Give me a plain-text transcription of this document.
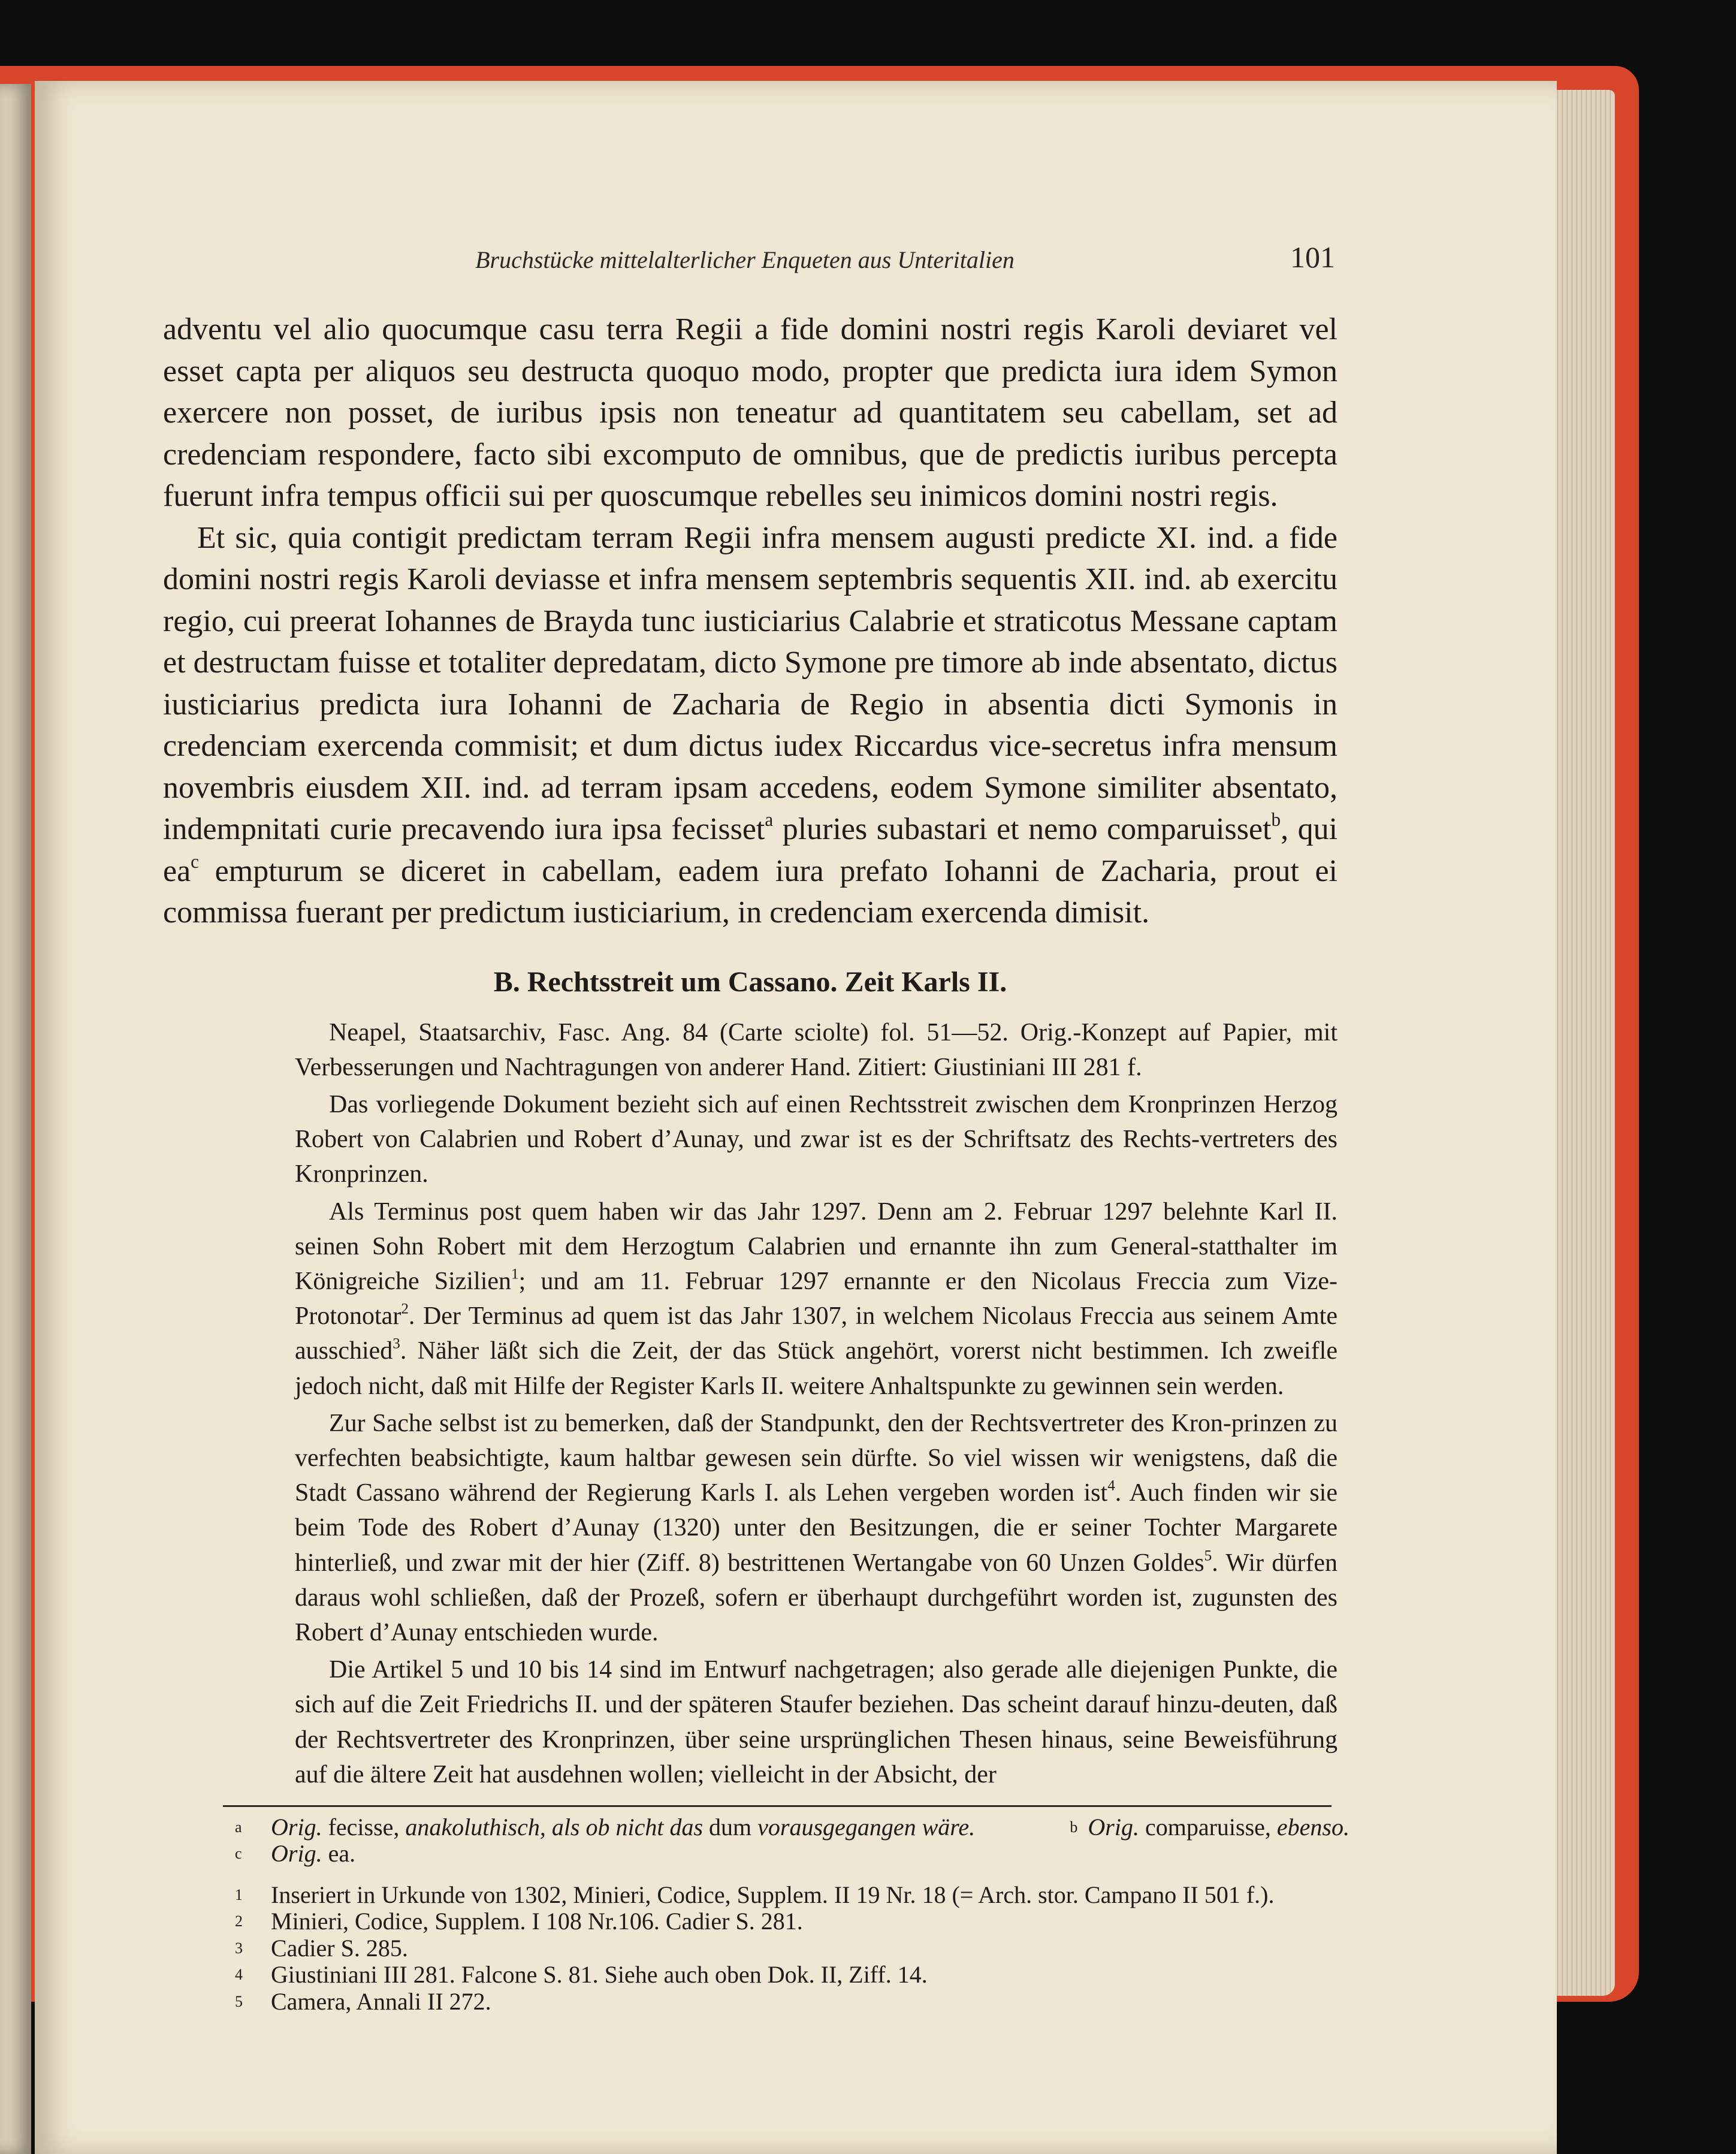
Bruchstücke mittelalterlicher Enqueten aus Unteritalien	101

adventu vel alio quocumque casu terra Regii a fide domini nostri regis Karoli deviaret vel esset capta per aliquos seu destructa quoquo modo, propter que predicta iura idem Symon exercere non posset, de iuribus ipsis non teneatur ad quantitatem seu cabellam, set ad credenciam respondere, facto sibi excomputo de omnibus, que de predictis iuribus percepta fuerunt infra tempus officii sui per quoscumque rebelles seu inimicos domini nostri regis.

Et sic, quia contigit predictam terram Regii infra mensem augusti predicte XI. ind. a fide domini nostri regis Karoli deviasse et infra mensem septembris sequentis XII. ind. ab exercitu regio, cui preerat Iohannes de Brayda tunc iusticiarius Calabrie et straticotus Messane captam et destructam fuisse et totaliter depredatam, dicto Symone pre timore ab inde absentato, dictus iusticiarius predicta iura Iohanni de Zacharia de Regio in absentia dicti Symonis in credenciam exercenda commisit; et dum dictus iudex Riccardus vice-secretus infra mensum novembris eiusdem XII. ind. ad terram ipsam accedens, eodem Symone similiter absentato, indempnitati curie precavendo iura ipsa fecisset$^a$ pluries subastari et nemo comparuisset$^b$, qui $ea^c$ empturum se diceret in cabellam, eadem iura prefato Iohanni de Zacharia, prout ei commissa fuerant per predictum iusticiarium, in credenciam exercenda dimisit.

B. Rechtsstreit um Cassano. Zeit Karls II.

Neapel, Staatsarchiv, Fasc. Ang. 84 (Carte sciolte) fol. 51—52. Orig.-Konzept auf Papier, mit Verbesserungen und Nachtragungen von anderer Hand. Zitiert: Giustiniani III 281 f.

Das vorliegende Dokument bezieht sich auf einen Rechtsstreit zwischen dem Kronprinzen Herzog Robert von Calabrien und Robert d’Aunay, und zwar ist es der Schriftsatz des Rechts-vertreters des Kronprinzen.

Als Terminus post quem haben wir das Jahr 1297. Denn am 2. Februar 1297 belehnte Karl II. seinen Sohn Robert mit dem Herzogtum Calabrien und ernannte ihn zum General-statthalter im Königreiche Sizilien$^1$; und am 11. Februar 1297 ernannte er den Nicolaus Freccia zum Vize-Protonotar$^2$. Der Terminus ad quem ist das Jahr 1307, in welchem Nicolaus Freccia aus seinem Amte ausschied$^3$. Näher läßt sich die Zeit, der das Stück angehört, vorerst nicht bestimmen. Ich zweifle jedoch nicht, daß mit Hilfe der Register Karls II. weitere Anhaltspunkte zu gewinnen sein werden.

Zur Sache selbst ist zu bemerken, daß der Standpunkt, den der Rechtsvertreter des Kron-prinzen zu verfechten beabsichtigte, kaum haltbar gewesen sein dürfte. So viel wissen wir wenigstens, daß die Stadt Cassano während der Regierung Karls I. als Lehen vergeben worden ist$^4$. Auch finden wir sie beim Tode des Robert d’Aunay (1320) unter den Besitzungen, die er seiner Tochter Margarete hinterließ, und zwar mit der hier (Ziff. 8) bestrittenen Wertangabe von 60 Unzen Goldes$^5$. Wir dürfen daraus wohl schließen, daß der Prozeß, sofern er überhaupt durchgeführt worden ist, zugunsten des Robert d’Aunay entschieden wurde.

Die Artikel 5 und 10 bis 14 sind im Entwurf nachgetragen; also gerade alle diejenigen Punkte, die sich auf die Zeit Friedrichs II. und der späteren Staufer beziehen. Das scheint darauf hinzu-deuten, daß der Rechtsvertreter des Kronprinzen, über seine ursprünglichen Thesen hinaus, seine Beweisführung auf die ältere Zeit hat ausdehnen wollen; vielleicht in der Absicht, der

a Orig. fecisse, anakoluthisch, als ob nicht das dum vorausgegangen wäre.	b Orig. comparuisse, ebenso.
c Orig. ea.
1 Inseriert in Urkunde von 1302, Minieri, Codice, Supplem. II 19 Nr. 18 (= Arch. stor. Campano II 501 f.).
2 Minieri, Codice, Supplem. I 108 Nr.106. Cadier S. 281.
3 Cadier S. 285.
4 Giustiniani III 281. Falcone S. 81. Siehe auch oben Dok. II, Ziff. 14.
5 Camera, Annali II 272.
